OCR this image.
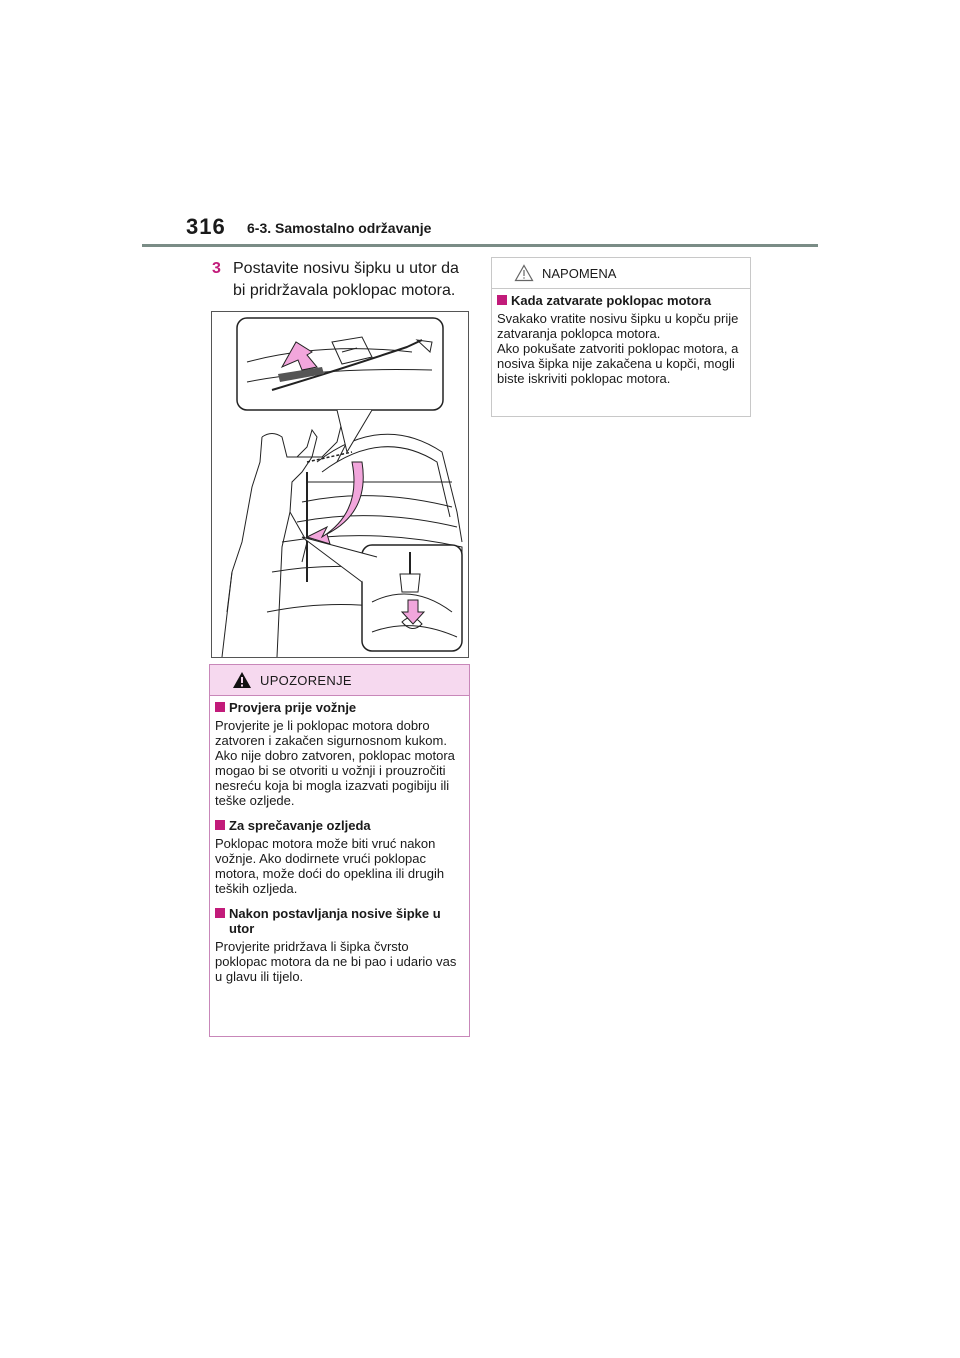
316 6-3. Samostalno održavanje
3 Postavite nosivu šipku u utor da bi pridržavala poklopac motora.
UPOZORENJE
Provjera prije vožnje
Provjerite je li poklopac motora dobro zatvoren i zakačen sigurnosnom kukom.
Ako nije dobro zatvoren, poklopac motora mogao bi se otvoriti u vožnji i prouzročiti nesreću koja bi mogla izazvati pogibiju ili teške ozljede.
Za sprečavanje ozljeda
Poklopac motora može biti vruć nakon vožnje. Ako dodirnete vrući poklopac motora, može doći do opeklina ili drugih teških ozljeda.
Nakon postavljanja nosive šipke u utor
Provjerite pridržava li šipka čvrsto poklopac motora da ne bi pao i udario vas u glavu ili tijelo.
NAPOMENA
Kada zatvarate poklopac motora
Svakako vratite nosivu šipku u kopču prije zatvaranja poklopca motora.
Ako pokušate zatvoriti poklopac motora, a nosiva šipka nije zakačena u kopči, mogli biste iskriviti poklopac motora.
